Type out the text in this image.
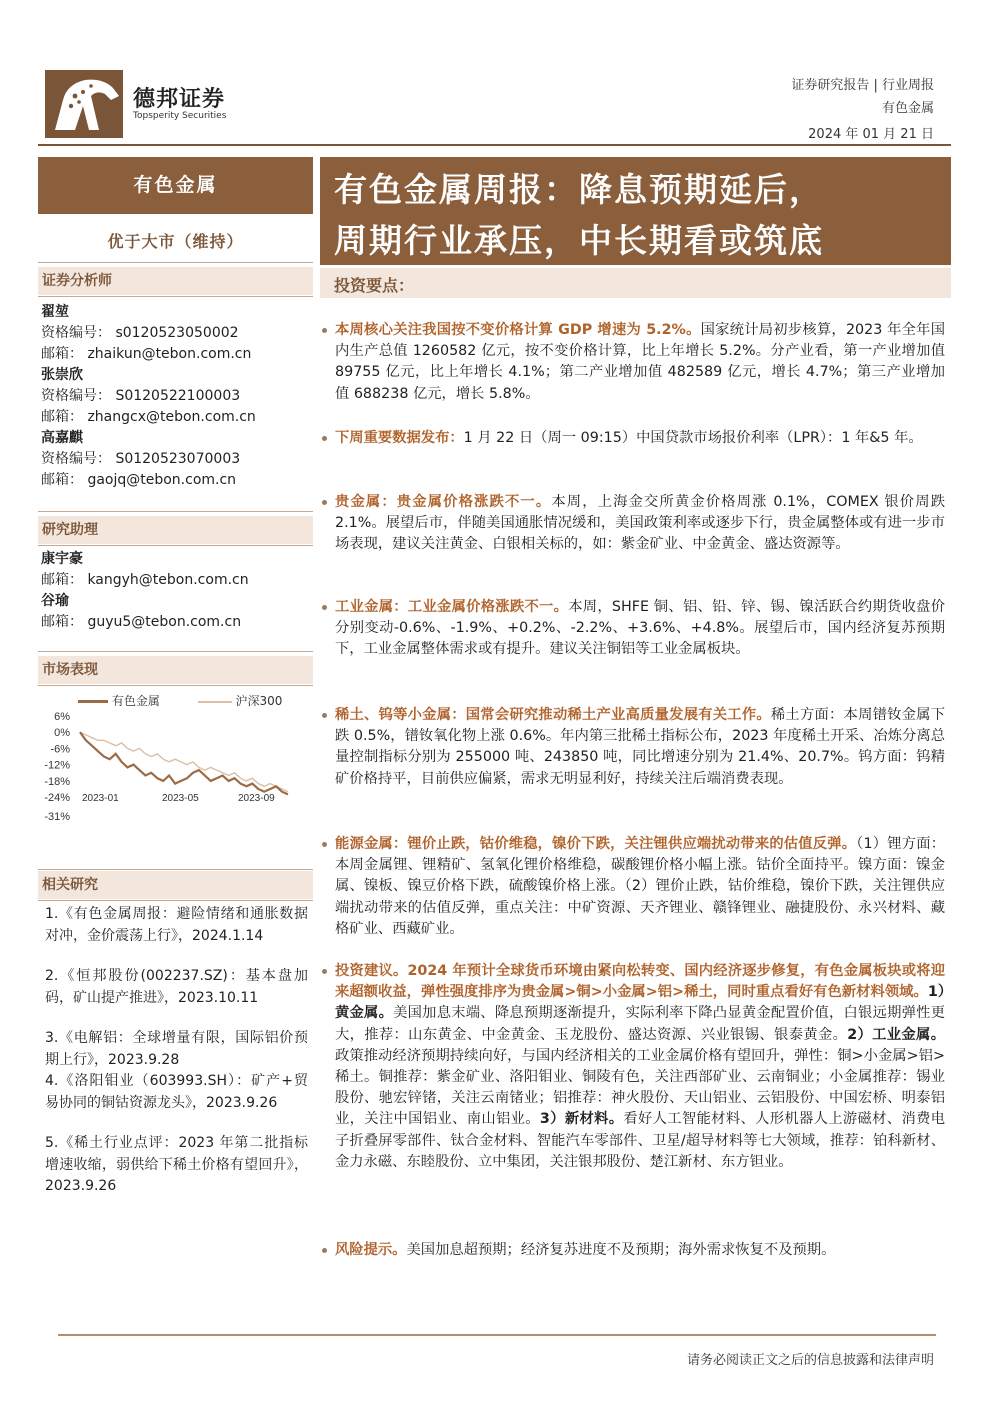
德邦证券
Topsperity Securities
证券研究报告 | 行业周报
有色金属
2024 年 01 月 21 日
有色金属
优于大市（维持）
证券分析师
翟堃
资格编号： s0120523050002
邮箱： zhaikun@tebon.com.cn
张崇欣
资格编号： S0120522100003
邮箱： zhangcx@tebon.com.cn
高嘉麒
资格编号： S0120523070003
邮箱： gaojq@tebon.com.cn
研究助理
康宇豪
邮箱： kangyh@tebon.com.cn
谷瑜
邮箱： guyu5@tebon.com.cn
市场表现
有色金属	沪深300
6%
0%
-6%
-12%
-18%
-24%
-31%
2023-01	2023-05	2023-09
相关研究
1.《有色金属周报：避险情绪和通胀数据对冲，金价震荡上行》，2024.1.14
2.《恒邦股份(002237.SZ)：基本盘加码，矿山提产推进》，2023.10.11
3.《电解铝：全球增量有限，国际铝价预期上行》，2023.9.28
4.《洛阳钼业（603993.SH）：矿产+贸易协同的铜钴资源龙头》，2023.9.26
5.《稀土行业点评：2023 年第二批指标增速收缩，弱供给下稀土价格有望回升》，2023.9.26
有色金属周报：降息预期延后，
周期行业承压，中长期看或筑底
投资要点：
本周核心关注我国按不变价格计算 GDP 增速为 5.2%。国家统计局初步核算，2023 年全年国内生产总值 1260582 亿元，按不变价格计算，比上年增长 5.2%。分产业看，第一产业增加值 89755 亿元，比上年增长 4.1%；第二产业增加值 482589 亿元，增长 4.7%；第三产业增加值 688238 亿元，增长 5.8%。
下周重要数据发布：1 月 22 日（周一 09:15）中国贷款市场报价利率（LPR）：1 年&5 年。
贵金属：贵金属价格涨跌不一。本周，上海金交所黄金价格周涨 0.1%，COMEX 银价周跌 2.1%。展望后市，伴随美国通胀情况缓和，美国政策利率或逐步下行，贵金属整体或有进一步市场表现，建议关注黄金、白银相关标的，如：紫金矿业、中金黄金、盛达资源等。
工业金属：工业金属价格涨跌不一。本周，SHFE 铜、铝、铅、锌、锡、镍活跃合约期货收盘价分别变动-0.6%、-1.9%、+0.2%、-2.2%、+3.6%、+4.8%。展望后市，国内经济复苏预期下，工业金属整体需求或有提升。建议关注铜铝等工业金属板块。
稀土、钨等小金属：国常会研究推动稀土产业高质量发展有关工作。稀土方面：本周镨钕金属下跌 0.5%，镨钕氧化物上涨 0.6%。年内第三批稀土指标公布，2023 年度稀土开采、冶炼分离总量控制指标分别为 255000 吨、243850 吨，同比增速分别为 21.4%、20.7%。钨方面：钨精矿价格持平，目前供应偏紧，需求无明显利好，持续关注后端消费表现。
能源金属：锂价止跌，钴价维稳，镍价下跌，关注锂供应端扰动带来的估值反弹。（1）锂方面：本周金属锂、锂精矿、氢氧化锂价格维稳，碳酸锂价格小幅上涨。钴价全面持平。镍方面：镍金属、镍板、镍豆价格下跌，硫酸镍价格上涨。（2）锂价止跌，钴价维稳，镍价下跌，关注锂供应端扰动带来的估值反弹，重点关注：中矿资源、天齐锂业、赣锋锂业、融捷股份、永兴材料、藏格矿业、西藏矿业。
投资建议。2024 年预计全球货币环境由紧向松转变、国内经济逐步修复，有色金属板块或将迎来超额收益，弹性强度排序为贵金属>铜>小金属>铝>稀土，同时重点看好有色新材料领域。1）黄金属。美国加息末端、降息预期逐渐提升，实际利率下降凸显黄金配置价值，白银远期弹性更大，推荐：山东黄金、中金黄金、玉龙股份、盛达资源、兴业银锡、银泰黄金。2）工业金属。政策推动经济预期持续向好，与国内经济相关的工业金属价格有望回升，弹性：铜>小金属>铝>稀土。铜推荐：紫金矿业、洛阳钼业、铜陵有色，关注西部矿业、云南铜业；小金属推荐：锡业股份、驰宏锌锗，关注云南锗业；铝推荐：神火股份、天山铝业、云铝股份、中国宏桥、明泰铝业，关注中国铝业、南山铝业。3）新材料。看好人工智能材料、人形机器人上游磁材、消费电子折叠屏零部件、钛合金材料、智能汽车零部件、卫星/超导材料等七大领域，推荐：铂科新材、金力永磁、东睦股份、立中集团，关注银邦股份、楚江新材、东方钽业。
风险提示。美国加息超预期；经济复苏进度不及预期；海外需求恢复不及预期。
请务必阅读正文之后的信息披露和法律声明
